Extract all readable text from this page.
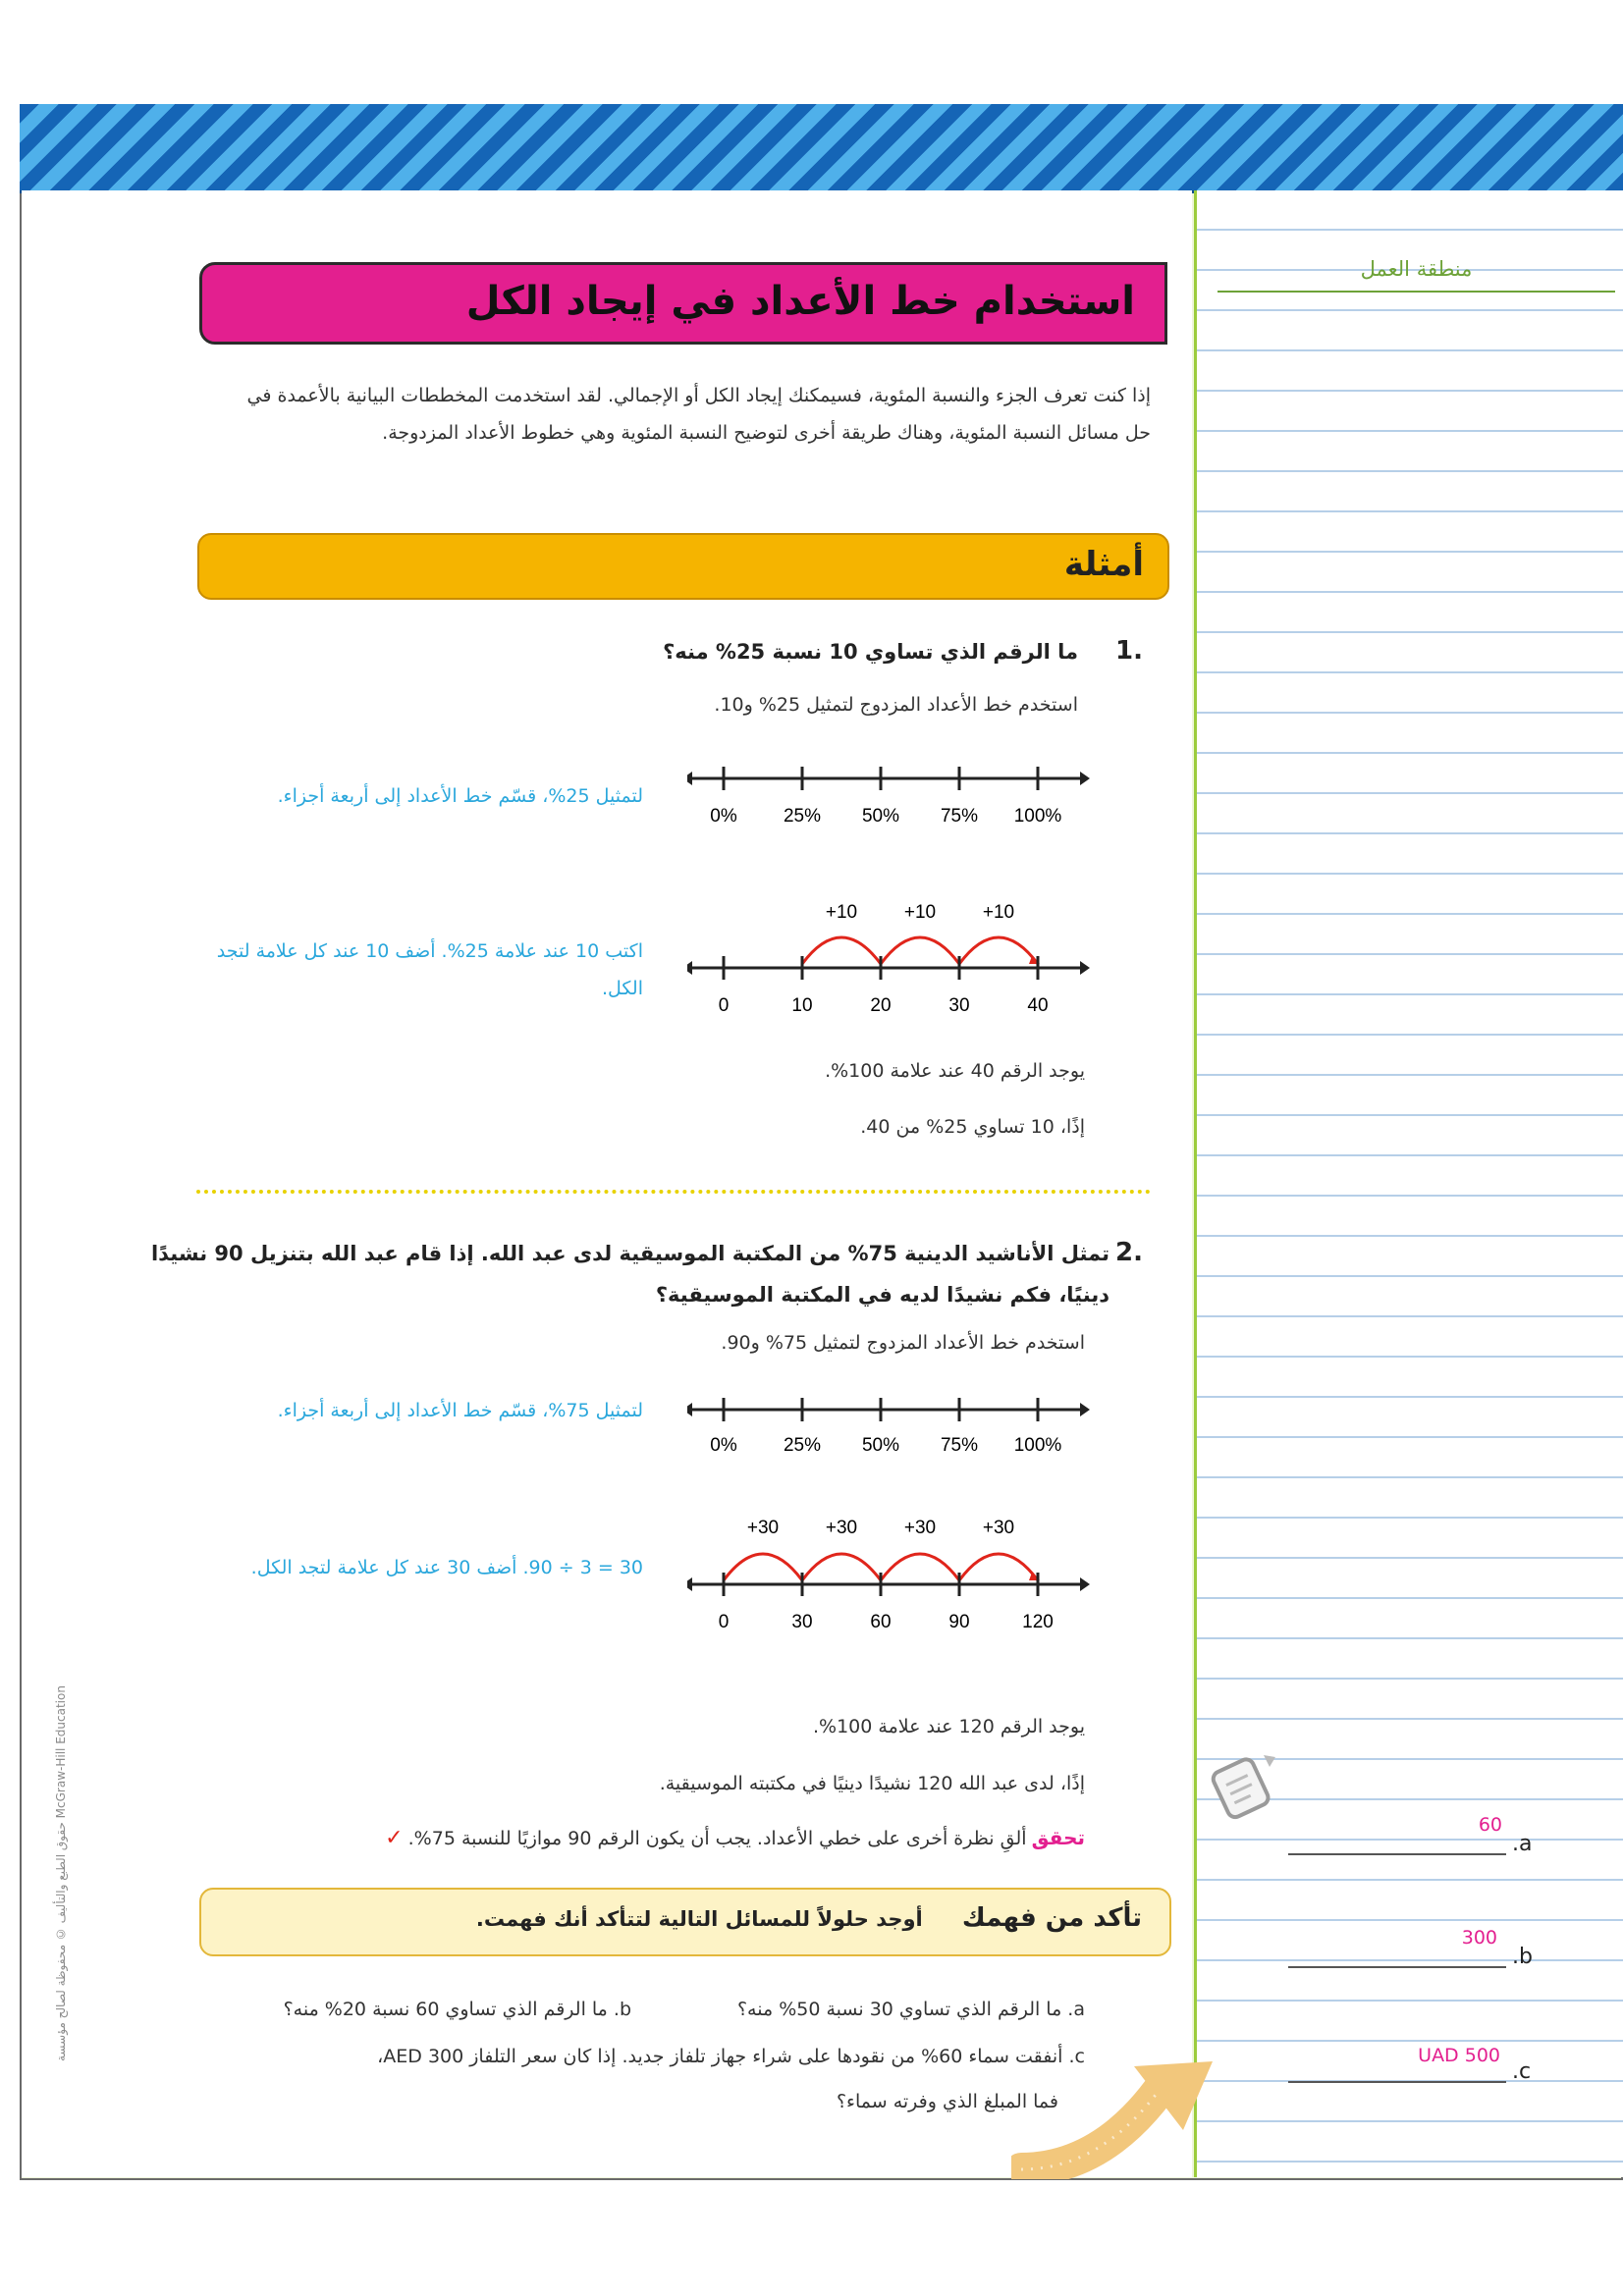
منطقة العمل
استخدام خط الأعداد في إيجاد الكل
إذا كنت تعرف الجزء والنسبة المئوية، فسيمكنك إيجاد الكل أو الإجمالي. لقد استخدمت المخططات البيانية بالأعمدة في حل مسائل النسبة المئوية، وهناك طريقة أخرى لتوضيح النسبة المئوية وهي خطوط الأعداد المزدوجة.
أمثلة
1.
ما الرقم الذي تساوي 10 نسبة 25% منه؟
استخدم خط الأعداد المزدوج لتمثيل 25% و10.
لتمثيل 25%، قسّم خط الأعداد إلى أربعة أجزاء.
0% 25% 50% 75% 100%
اكتب 10 عند علامة 25%. أضف 10 عند كل علامة لتجد الكل.
+10	+10	+10
0	10	20	30	40
يوجد الرقم 40 عند علامة 100%.
إذًا، 10 تساوي 25% من 40.
2.
تمثل الأناشيد الدينية 75% من المكتبة الموسيقية لدى عبد الله. إذا قام عبد الله بتنزيل 90 نشيدًا
دينيًا، فكم نشيدًا لديه في المكتبة الموسيقية؟
استخدم خط الأعداد المزدوج لتمثيل 75% و90.
لتمثيل 75%، قسّم خط الأعداد إلى أربعة أجزاء.
0% 25% 50% 75% 100%
30 = 3 ÷ 90. أضف 30 عند كل علامة لتجد الكل.
+30	+30	+30	+30
0	30	60	90	120
يوجد الرقم 120 عند علامة 100%.
إذًا، لدى عبد الله 120 نشيدًا دينيًا في مكتبته الموسيقية.
تحقق ألقِ نظرة أخرى على خطي الأعداد. يجب أن يكون الرقم 90 موازيًا للنسبة 75%. ✓
تأكد من فهمك  أوجد حلولاً للمسائل التالية لتتأكد أنك فهمت.
a. ما الرقم الذي تساوي 30 نسبة 50% منه؟
b. ما الرقم الذي تساوي 60 نسبة 20% منه؟
c. أنفقت سماء 60% من نقودها على شراء جهاز تلفاز جديد. إذا كان سعر التلفاز 300 AED،
فما المبلغ الذي وفرته سماء؟
60
.a
300
.b
UAD 500
.c
حقوق الطبع والتأليف © محفوظة لصالح مؤسسة McGraw-Hill Education
